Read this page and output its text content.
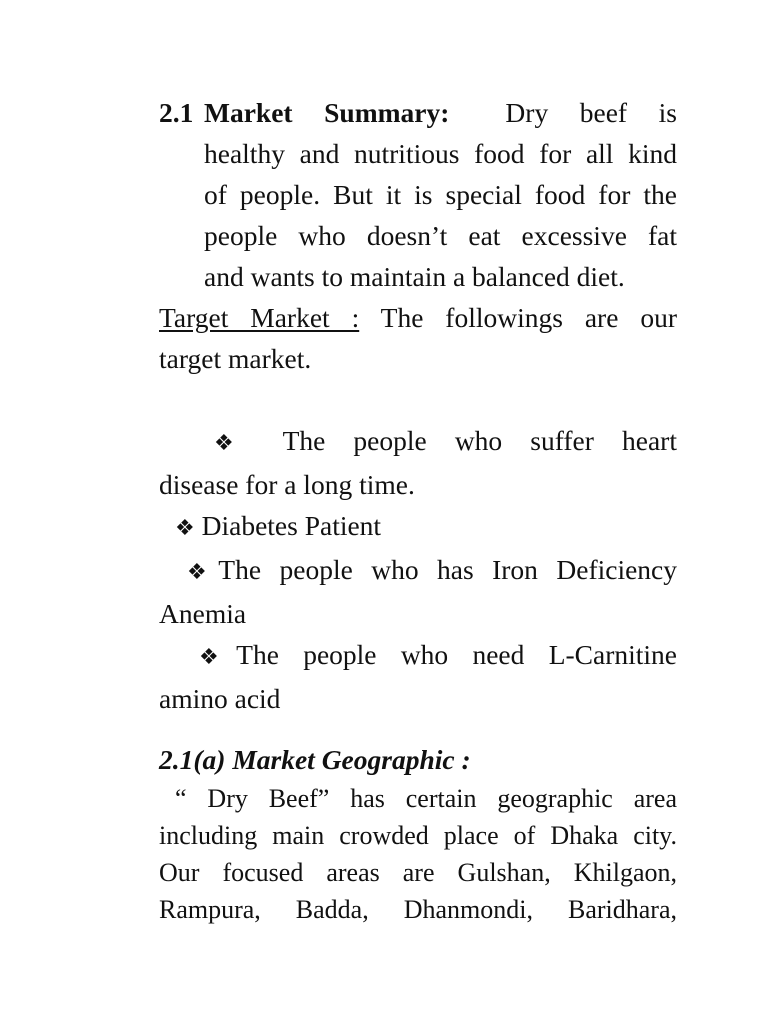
2.1 Market Summary: Dry beef is
healthy and nutritious food for all kind
of people. But it is special food for the
people who doesn’t eat excessive fat
and wants to maintain a balanced diet.
Target Market : The followings are our
target market.
❖ The people who suffer heart
disease for a long time.
❖ Diabetes Patient
❖The people who has Iron Deficiency
Anemia
❖The people who need L-Carnitine
amino acid
2.1(a) Market Geographic :
“ Dry Beef” has certain geographic area
including main crowded place of Dhaka city.
Our focused areas are Gulshan, Khilgaon,
Rampura, Badda, Dhanmondi, Baridhara,
